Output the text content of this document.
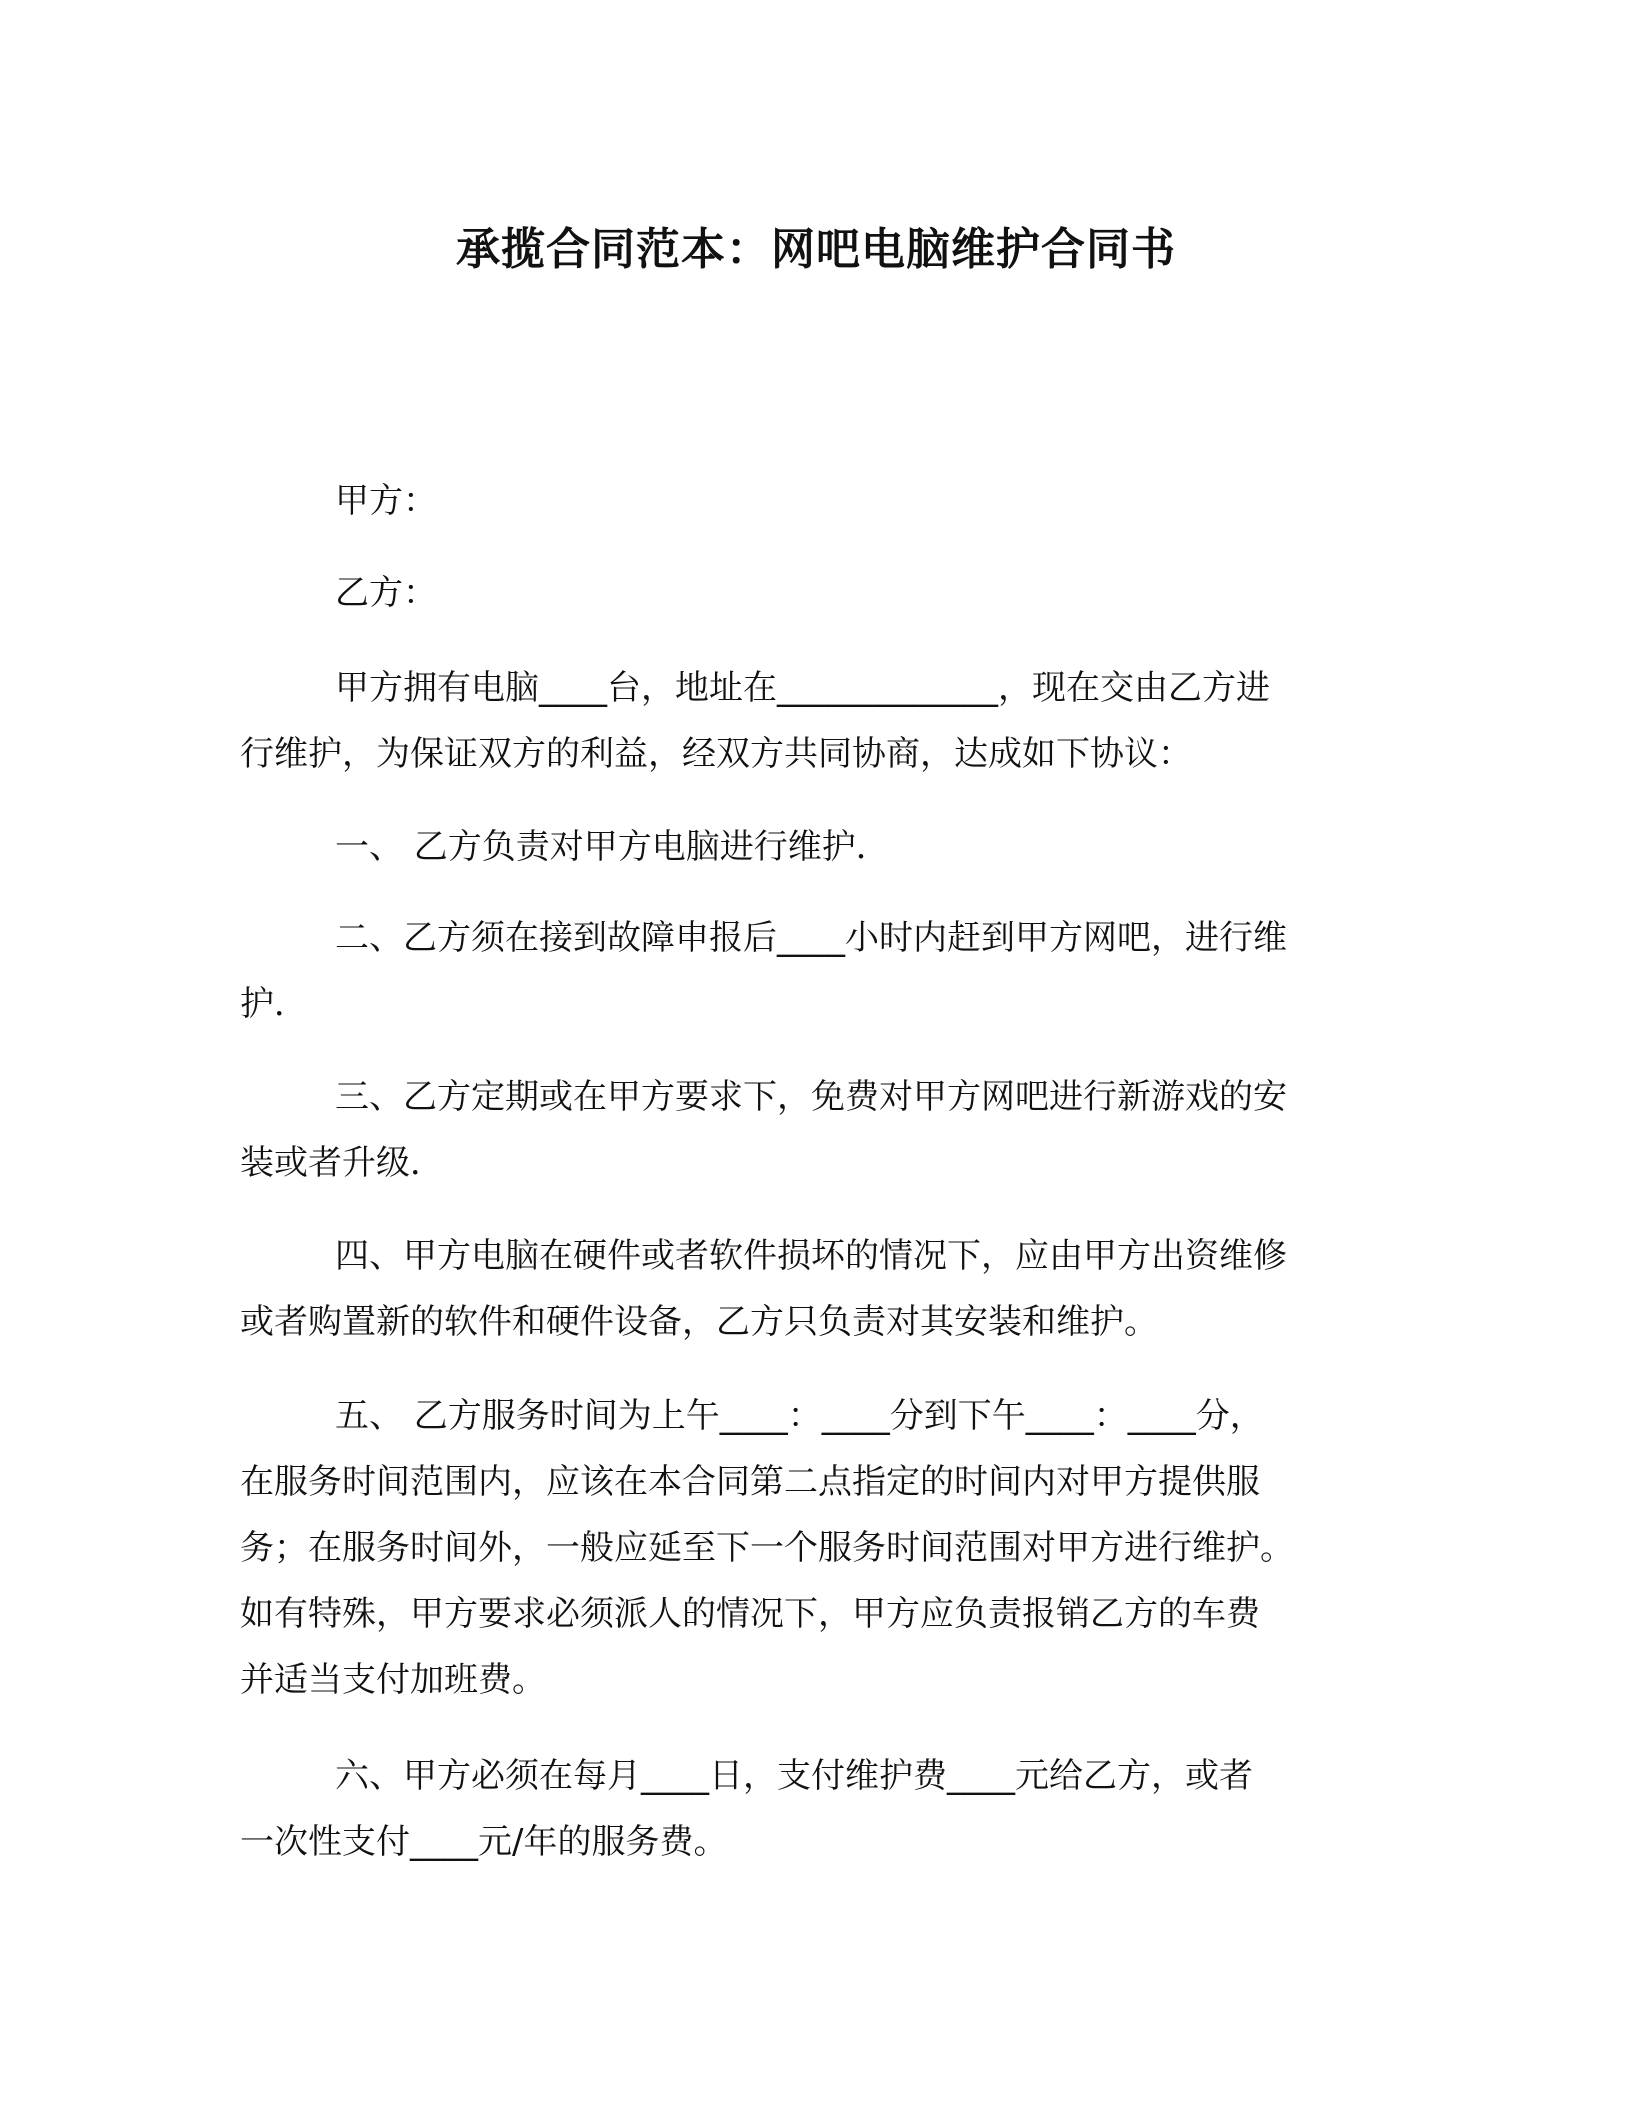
承揽合同范本：网吧电脑维护合同书

甲方：

乙方：

甲方拥有电脑____台，地址在_____________，现在交由乙方进
行维护，为保证双方的利益，经双方共同协商，达成如下协议：
一、 乙方负责对甲方电脑进行维护．
二、乙方须在接到故障申报后____小时内赶到甲方网吧，进行维
护．
三、乙方定期或在甲方要求下，免费对甲方网吧进行新游戏的安
装或者升级．
四、甲方电脑在硬件或者软件损坏的情况下，应由甲方出资维修
或者购置新的软件和硬件设备，乙方只负责对其安装和维护。
五、 乙方服务时间为上午____：____分到下午____：____分，
在服务时间范围内，应该在本合同第二点指定的时间内对甲方提供服
务；在服务时间外，一般应延至下一个服务时间范围对甲方进行维护。
如有特殊，甲方要求必须派人的情况下，甲方应负责报销乙方的车费
并适当支付加班费。
六、甲方必须在每月____日，支付维护费____元给乙方，或者
一次性支付____元/年的服务费。
